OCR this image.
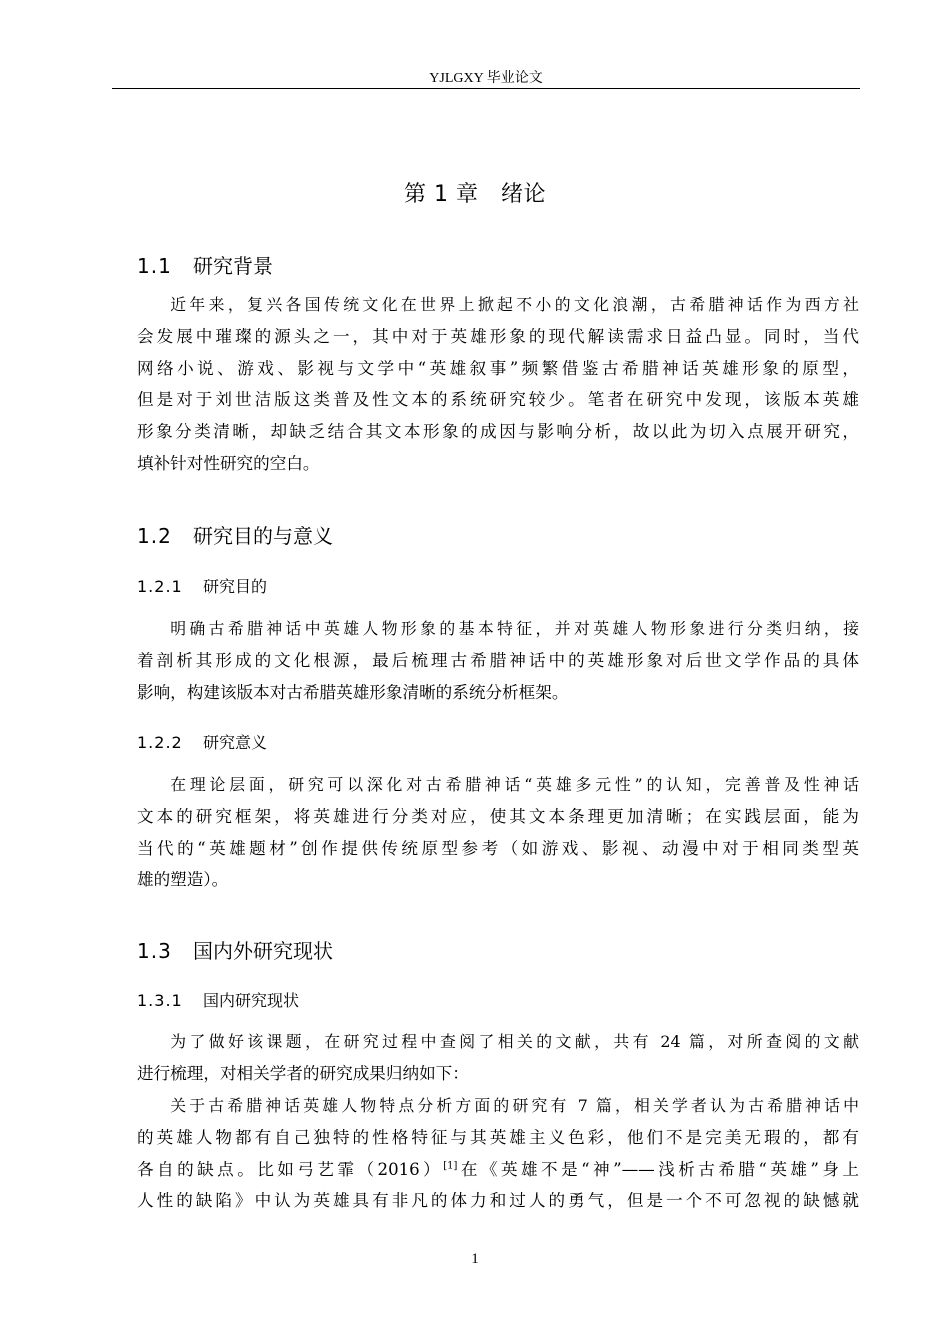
YJLGXY 毕业论文
第 1 章　绪论
1.1 研究背景

近年来，复兴各国传统文化在世界上掀起不小的文化浪潮，古希腊神话作为西方社
会发展中璀璨的源头之一，其中对于英雄形象的现代解读需求日益凸显。同时，当代
网络小说、游戏、影视与文学中“英雄叙事”频繁借鉴古希腊神话英雄形象的原型，
但是对于刘世洁版这类普及性文本的系统研究较少。笔者在研究中发现，该版本英雄
形象分类清晰，却缺乏结合其文本形象的成因与影响分析，故以此为切入点展开研究，
填补针对性研究的空白。

1.2 研究目的与意义
1.2.1 研究目的

明确古希腊神话中英雄人物形象的基本特征，并对英雄人物形象进行分类归纳，接
着剖析其形成的文化根源，最后梳理古希腊神话中的英雄形象对后世文学作品的具体
影响，构建该版本对古希腊英雄形象清晰的系统分析框架。

1.2.2 研究意义

在理论层面，研究可以深化对古希腊神话“英雄多元性”的认知，完善普及性神话
文本的研究框架，将英雄进行分类对应，使其文本条理更加清晰；在实践层面，能为
当代的“英雄题材”创作提供传统原型参考（如游戏、影视、动漫中对于相同类型英
雄的塑造）。

1.3 国内外研究现状
1.3.1 国内研究现状

为了做好该课题，在研究过程中查阅了相关的文献，共有 24 篇，对所查阅的文献
进行梳理，对相关学者的研究成果归纳如下：

关于古希腊神话英雄人物特点分析方面的研究有 7 篇，相关学者认为古希腊神话中
的英雄人物都有自己独特的性格特征与其英雄主义色彩，他们不是完美无瑕的，都有
各自的缺点。比如弓艺霏（2016）[1]在《英雄不是“神”——浅析古希腊“英雄”身上
人性的缺陷》中认为英雄具有非凡的体力和过人的勇气，但是一个不可忽视的缺憾就

1
